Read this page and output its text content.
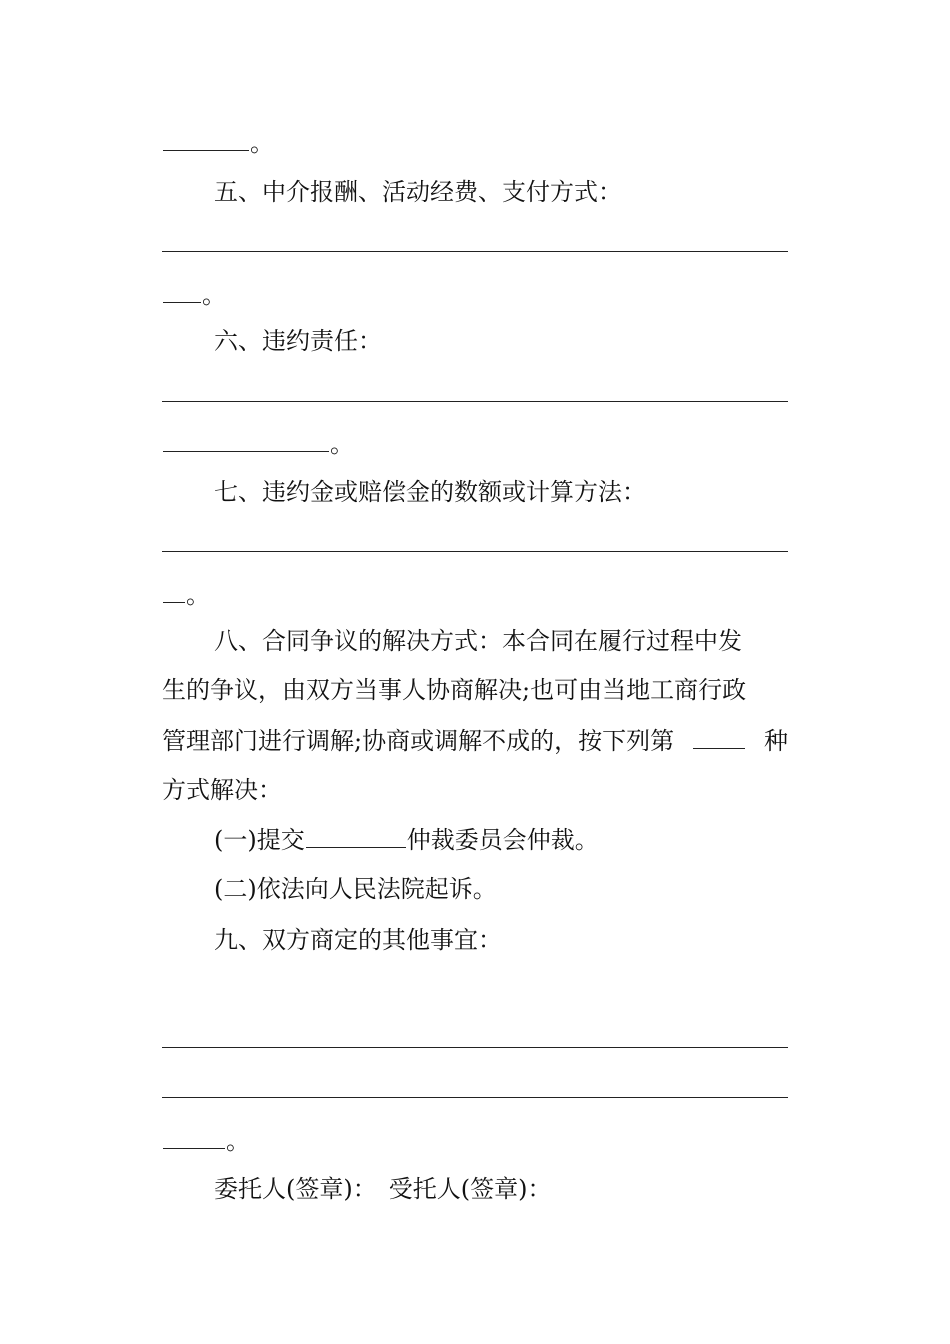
。
五、中介报酬、活动经费、支付方式：
。
六、违约责任：
。
七、违约金或赔偿金的数额或计算方法：
。
八、合同争议的解决方式：本合同在履行过程中发
生的争议，由双方当事人协商解决;也可由当地工商行政
管理部门进行调解;协商或调解不成的，按下列第	种
方式解决：
(一)提交	仲裁委员会仲裁。
(二)依法向人民法院起诉。
九、双方商定的其他事宜：
。
委托人(签章)：　受托人(签章)：
